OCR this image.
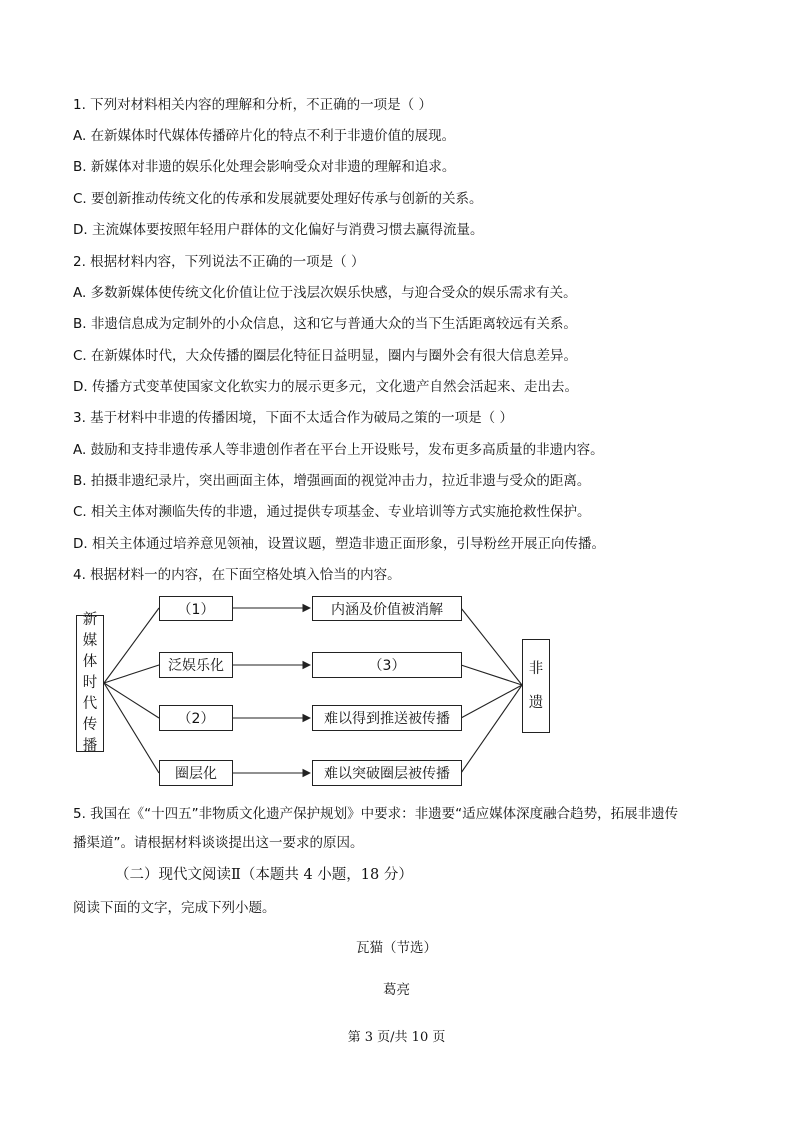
1. 下列对材料相关内容的理解和分析，不正确的一项是（ ）

A. 在新媒体时代媒体传播碎片化的特点不利于非遗价值的展现。

B. 新媒体对非遗的娱乐化处理会影响受众对非遗的理解和追求。

C. 要创新推动传统文化的传承和发展就要处理好传承与创新的关系。

D. 主流媒体要按照年轻用户群体的文化偏好与消费习惯去赢得流量。

2. 根据材料内容，下列说法不正确的一项是（ ）

A. 多数新媒体使传统文化价值让位于浅层次娱乐快感，与迎合受众的娱乐需求有关。

B. 非遗信息成为定制外的小众信息，这和它与普通大众的当下生活距离较远有关系。

C. 在新媒体时代，大众传播的圈层化特征日益明显，圈内与圈外会有很大信息差异。

D. 传播方式变革使国家文化软实力的展示更多元，文化遗产自然会活起来、走出去。

3. 基于材料中非遗的传播困境，下面不太适合作为破局之策的一项是（ ）

A. 鼓励和支持非遗传承人等非遗创作者在平台上开设账号，发布更多高质量的非遗内容。

B. 拍摄非遗纪录片，突出画面主体，增强画面的视觉冲击力，拉近非遗与受众的距离。

C. 相关主体对濒临失传的非遗，通过提供专项基金、专业培训等方式实施抢救性保护。

D. 相关主体通过培养意见领袖，设置议题，塑造非遗正面形象，引导粉丝开展正向传播。

4. 根据材料一的内容，在下面空格处填入恰当的内容。

新
媒
体
时
代
传
播
（1）
泛娱乐化
（2）
圈层化
内涵及价值被消解
（3）
难以得到推送被传播
难以突破圈层被传播
非
遗

5. 我国在《“十四五”非物质文化遗产保护规划》中要求：非遗要“适应媒体深度融合趋势，拓展非遗传

播渠道”。请根据材料谈谈提出这一要求的原因。

（二）现代文阅读Ⅱ（本题共 4 小题，18 分）

阅读下面的文字，完成下列小题。

瓦猫（节选）

葛亮

第 3 页/共 10 页
